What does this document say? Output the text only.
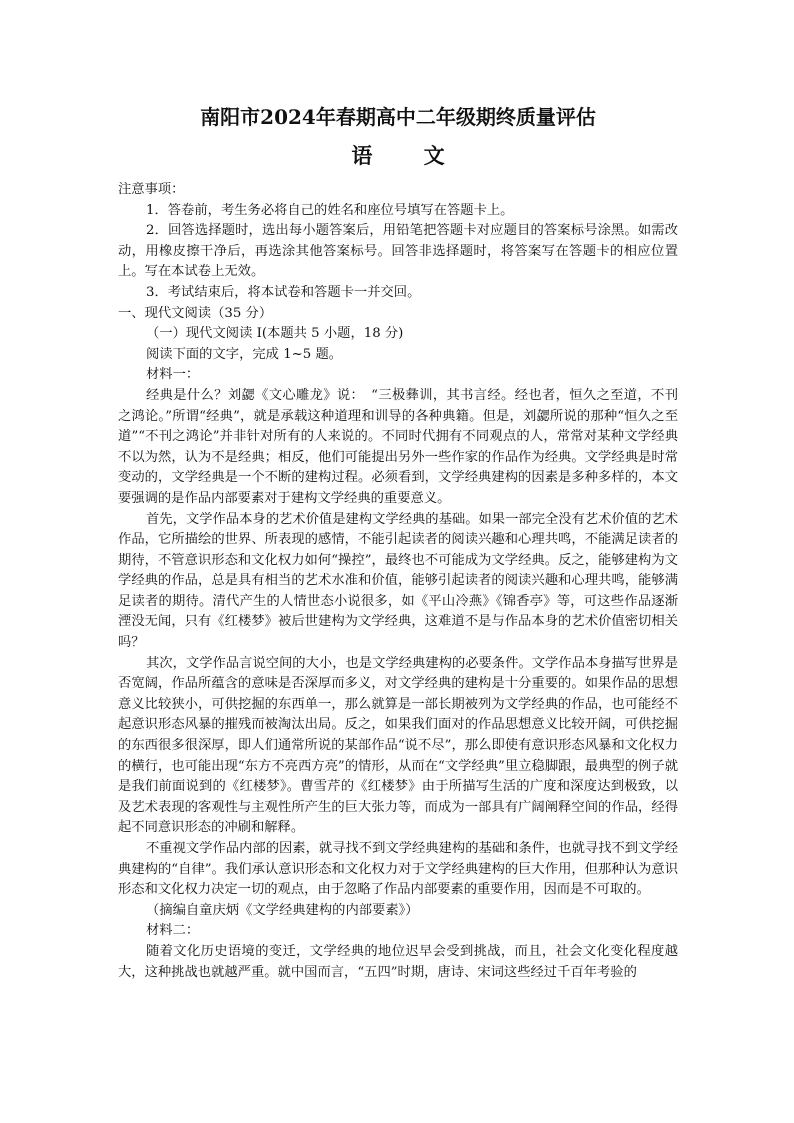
南阳市2024年春期高中二年级期终质量评估
语 文

注意事项：

1．答卷前，考生务必将自己的姓名和座位号填写在答题卡上。

2．回答选择题时，选出每小题答案后，用铅笔把答题卡对应题目的答案标号涂黑。如需改动，用橡皮擦干净后，再选涂其他答案标号。回答非选择题时，将答案写在答题卡的相应位置上。写在本试卷上无效。

3．考试结束后，将本试卷和答题卡一并交回。

一、现代文阅读（35 分）

（一）现代文阅读 I(本题共 5 小题，18 分)

阅读下面的文字，完成 1~5 题。

材料一：

经典是什么？刘勰《文心雕龙》说：　“三极彝训，其书言经。经也者，恒久之至道，不刊之鸿论。”所谓“经典”，就是承载这种道理和训导的各种典籍。但是，刘勰所说的那种“恒久之至道”“不刊之鸿论”并非针对所有的人来说的。不同时代拥有不同观点的人，常常对某种文学经典不以为然，认为不是经典；相反，他们可能提出另外一些作家的作品作为经典。文学经典是时常变动的，文学经典是一个不断的建构过程。必须看到，文学经典建构的因素是多种多样的，本文要强调的是作品内部要素对于建构文学经典的重要意义。

首先，文学作品本身的艺术价值是建构文学经典的基础。如果一部完全没有艺术价值的艺术作品，它所描绘的世界、所表现的感情，不能引起读者的阅读兴趣和心理共鸣，不能满足读者的期待，不管意识形态和文化权力如何“操控”，最终也不可能成为文学经典。反之，能够建构为文学经典的作品，总是具有相当的艺术水准和价值，能够引起读者的阅读兴趣和心理共鸣，能够满足读者的期待。清代产生的人情世态小说很多，如《平山冷燕》《锦香亭》等，可这些作品逐渐湮没无闻，只有《红楼梦》被后世建构为文学经典，这难道不是与作品本身的艺术价值密切相关吗？

其次，文学作品言说空间的大小，也是文学经典建构的必要条件。文学作品本身描写世界是否宽阔，作品所蕴含的意味是否深厚而多义，对文学经典的建构是十分重要的。如果作品的思想意义比较狭小，可供挖掘的东西单一，那么就算是一部长期被列为文学经典的作品，也可能经不起意识形态风暴的摧残而被淘汰出局。反之，如果我们面对的作品思想意义比较开阔，可供挖掘的东西很多很深厚，即人们通常所说的某部作品“说不尽”，那么即使有意识形态风暴和文化权力的横行，也可能出现“东方不亮西方亮”的情形，从而在“文学经典”里立稳脚跟，最典型的例子就是我们前面说到的《红楼梦》。曹雪芹的《红楼梦》由于所描写生活的广度和深度达到极致，以及艺术表现的客观性与主观性所产生的巨大张力等，而成为一部具有广阔阐释空间的作品，经得起不同意识形态的冲刷和解释。

不重视文学作品内部的因素，就寻找不到文学经典建构的基础和条件，也就寻找不到文学经典建构的“自律”。我们承认意识形态和文化权力对于文学经典建构的巨大作用，但那种认为意识形态和文化权力决定一切的观点，由于忽略了作品内部要素的重要作用，因而是不可取的。

（摘编自童庆炳《文学经典建构的内部要素》）

材料二：

随着文化历史语境的变迁，文学经典的地位迟早会受到挑战，而且，社会文化变化程度越大，这种挑战也就越严重。就中国而言，“五四”时期，唐诗、宋词这些经过千百年考验的
